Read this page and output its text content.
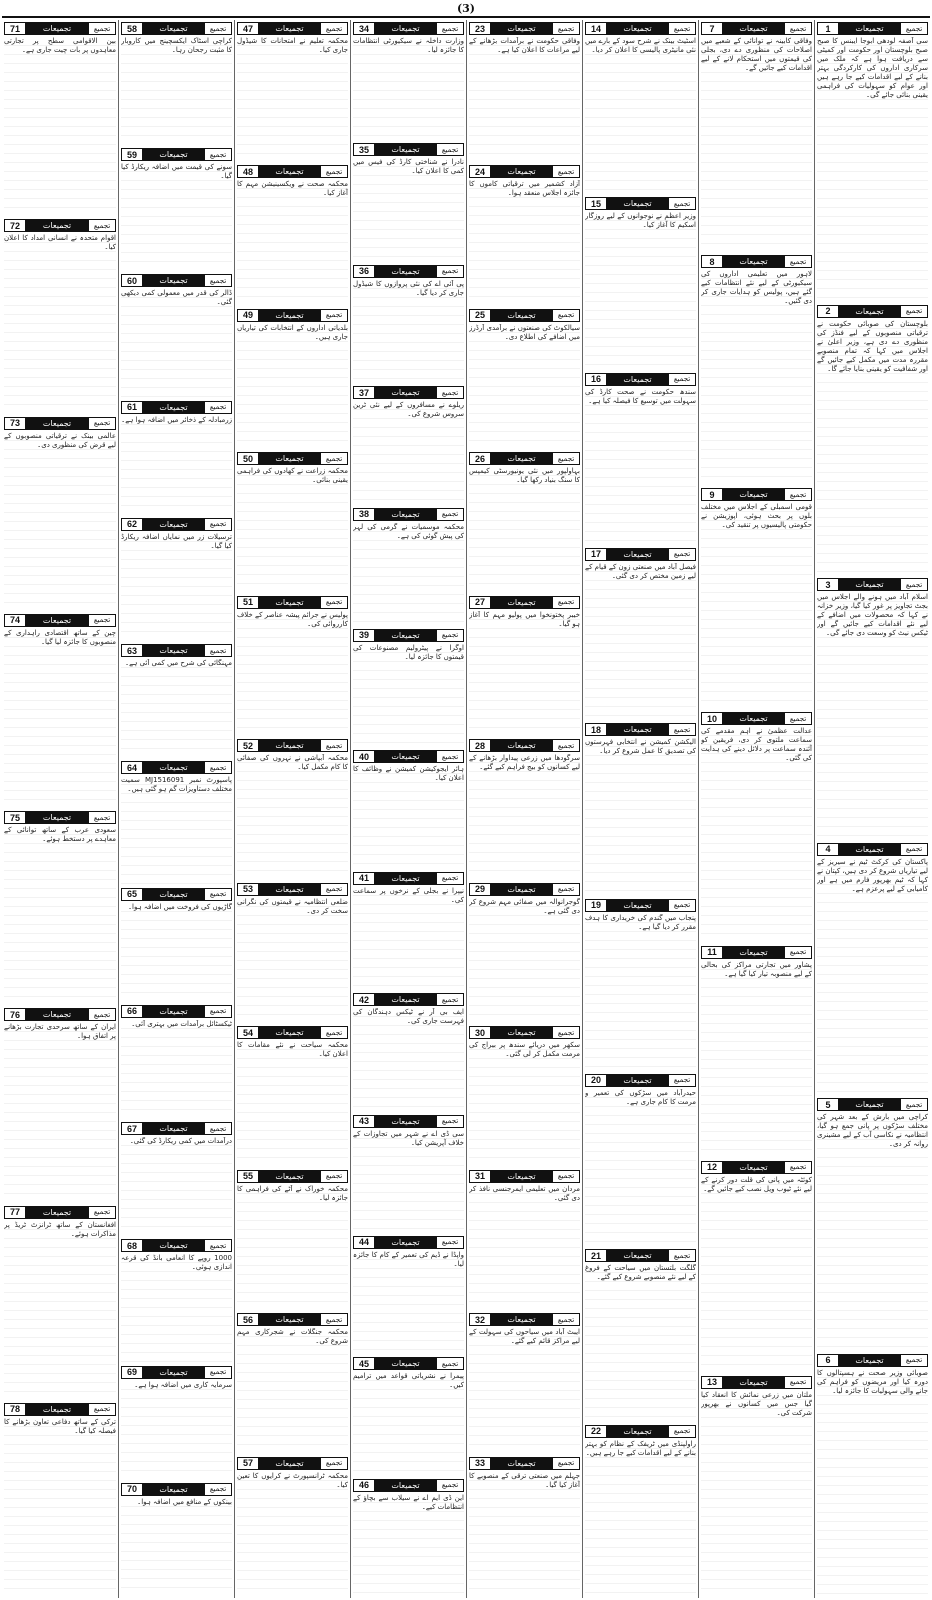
(3)
تجمیع
تجمیعات
1
سی آصفہ لودھی ابوجا ایبنس کا صبح صبح بلوچستان اور حکومت اور کمیٹی سے دریافت ہوا ہے کہ ملک میں سرکاری اداروں کی کارکردگی بہتر بنانے کے لیے اقدامات کیے جا رہے ہیں اور عوام کو سہولیات کی فراہمی یقینی بنائی جائے گی۔
تجمیع
تجمیعات
2
بلوچستان کی صوبائی حکومت نے ترقیاتی منصوبوں کے لیے فنڈز کی منظوری دے دی ہے، وزیر اعلیٰ نے اجلاس میں کہا کہ تمام منصوبے مقررہ مدت میں مکمل کیے جائیں گے اور شفافیت کو یقینی بنایا جائے گا۔
تجمیع
تجمیعات
3
اسلام آباد میں ہونے والے اجلاس میں بجٹ تجاویز پر غور کیا گیا، وزیر خزانہ نے کہا کہ محصولات میں اضافے کے لیے نئے اقدامات کیے جائیں گے اور ٹیکس نیٹ کو وسعت دی جائے گی۔
تجمیع
تجمیعات
4
پاکستان کی کرکٹ ٹیم نے سیریز کے لیے تیاریاں شروع کر دی ہیں، کپتان نے کہا کہ ٹیم بھرپور فارم میں ہے اور کامیابی کے لیے پرعزم ہے۔
تجمیع
تجمیعات
5
کراچی میں بارش کے بعد شہر کی مختلف سڑکوں پر پانی جمع ہو گیا، انتظامیہ نے نکاسی آب کے لیے مشینری روانہ کر دی۔
تجمیع
تجمیعات
6
صوبائی وزیر صحت نے ہسپتالوں کا دورہ کیا اور مریضوں کو فراہم کی جانے والی سہولیات کا جائزہ لیا۔
تجمیع
تجمیعات
7
وفاقی کابینہ نے توانائی کے شعبے میں اصلاحات کی منظوری دے دی، بجلی کی قیمتوں میں استحکام لانے کے لیے اقدامات کیے جائیں گے۔
تجمیع
تجمیعات
8
لاہور میں تعلیمی اداروں کی سیکیورٹی کے لیے نئے انتظامات کیے گئے ہیں، پولیس کو ہدایات جاری کر دی گئیں۔
تجمیع
تجمیعات
9
قومی اسمبلی کے اجلاس میں مختلف بلوں پر بحث ہوئی، اپوزیشن نے حکومتی پالیسیوں پر تنقید کی۔
تجمیع
تجمیعات
10
عدالت عظمیٰ نے اہم مقدمے کی سماعت ملتوی کر دی، فریقین کو آئندہ سماعت پر دلائل دینے کی ہدایت کی گئی۔
تجمیع
تجمیعات
11
پشاور میں تجارتی مراکز کی بحالی کے لیے منصوبہ تیار کیا گیا ہے۔
تجمیع
تجمیعات
12
کوئٹہ میں پانی کی قلت دور کرنے کے لیے نئے ٹیوب ویل نصب کیے جائیں گے۔
تجمیع
تجمیعات
13
ملتان میں زرعی نمائش کا انعقاد کیا گیا جس میں کسانوں نے بھرپور شرکت کی۔
تجمیع
تجمیعات
14
اسٹیٹ بینک نے شرح سود کے بارے میں نئی مانیٹری پالیسی کا اعلان کر دیا۔
تجمیع
تجمیعات
15
وزیر اعظم نے نوجوانوں کے لیے روزگار اسکیم کا آغاز کیا۔
تجمیع
تجمیعات
16
سندھ حکومت نے صحت کارڈ کی سہولت میں توسیع کا فیصلہ کیا ہے۔
تجمیع
تجمیعات
17
فیصل آباد میں صنعتی زون کے قیام کے لیے زمین مختص کر دی گئی۔
تجمیع
تجمیعات
18
الیکشن کمیشن نے انتخابی فہرستوں کی تصدیق کا عمل شروع کر دیا۔
تجمیع
تجمیعات
19
پنجاب میں گندم کی خریداری کا ہدف مقرر کر دیا گیا ہے۔
تجمیع
تجمیعات
20
حیدرآباد میں سڑکوں کی تعمیر و مرمت کا کام جاری ہے۔
تجمیع
تجمیعات
21
گلگت بلتستان میں سیاحت کے فروغ کے لیے نئے منصوبے شروع کیے گئے۔
تجمیع
تجمیعات
22
راولپنڈی میں ٹریفک کے نظام کو بہتر بنانے کے لیے اقدامات کیے جا رہے ہیں۔
تجمیع
تجمیعات
23
وفاقی حکومت نے برآمدات بڑھانے کے لیے مراعات کا اعلان کیا ہے۔
تجمیع
تجمیعات
24
آزاد کشمیر میں ترقیاتی کاموں کا جائزہ اجلاس منعقد ہوا۔
تجمیع
تجمیعات
25
سیالکوٹ کی صنعتوں نے برآمدی آرڈرز میں اضافے کی اطلاع دی۔
تجمیع
تجمیعات
26
بہاولپور میں نئی یونیورسٹی کیمپس کا سنگ بنیاد رکھا گیا۔
تجمیع
تجمیعات
27
خیبر پختونخوا میں پولیو مہم کا آغاز ہو گیا۔
تجمیع
تجمیعات
28
سرگودھا میں زرعی پیداوار بڑھانے کے لیے کسانوں کو بیج فراہم کیے گئے۔
تجمیع
تجمیعات
29
گوجرانوالہ میں صفائی مہم شروع کر دی گئی ہے۔
تجمیع
تجمیعات
30
سکھر میں دریائے سندھ پر بیراج کی مرمت مکمل کر لی گئی۔
تجمیع
تجمیعات
31
مردان میں تعلیمی ایمرجنسی نافذ کر دی گئی۔
تجمیع
تجمیعات
32
ایبٹ آباد میں سیاحوں کی سہولت کے لیے مراکز قائم کیے گئے۔
تجمیع
تجمیعات
33
جہلم میں صنعتی ترقی کے منصوبے کا آغاز کیا گیا۔
تجمیع
تجمیعات
34
وزارت داخلہ نے سیکیورٹی انتظامات کا جائزہ لیا۔
تجمیع
تجمیعات
35
نادرا نے شناختی کارڈ کی فیس میں کمی کا اعلان کیا۔
تجمیع
تجمیعات
36
پی آئی اے کی نئی پروازوں کا شیڈول جاری کر دیا گیا۔
تجمیع
تجمیعات
37
ریلوے نے مسافروں کے لیے نئی ٹرین سروس شروع کی۔
تجمیع
تجمیعات
38
محکمہ موسمیات نے گرمی کی لہر کی پیش گوئی کی ہے۔
تجمیع
تجمیعات
39
اوگرا نے پیٹرولیم مصنوعات کی قیمتوں کا جائزہ لیا۔
تجمیع
تجمیعات
40
ہائر ایجوکیشن کمیشن نے وظائف کا اعلان کیا۔
تجمیع
تجمیعات
41
نیپرا نے بجلی کے نرخوں پر سماعت کی۔
تجمیع
تجمیعات
42
ایف بی آر نے ٹیکس دہندگان کی فہرست جاری کی۔
تجمیع
تجمیعات
43
سی ڈی اے نے شہر میں تجاوزات کے خلاف آپریشن کیا۔
تجمیع
تجمیعات
44
واپڈا نے ڈیم کی تعمیر کے کام کا جائزہ لیا۔
تجمیع
تجمیعات
45
پیمرا نے نشریاتی قواعد میں ترامیم کیں۔
تجمیع
تجمیعات
46
این ڈی ایم اے نے سیلاب سے بچاؤ کے انتظامات کیے۔
تجمیع
تجمیعات
47
محکمہ تعلیم نے امتحانات کا شیڈول جاری کیا۔
تجمیع
تجمیعات
48
محکمہ صحت نے ویکسینیشن مہم کا آغاز کیا۔
تجمیع
تجمیعات
49
بلدیاتی اداروں کے انتخابات کی تیاریاں جاری ہیں۔
تجمیع
تجمیعات
50
محکمہ زراعت نے کھادوں کی فراہمی یقینی بنائی۔
تجمیع
تجمیعات
51
پولیس نے جرائم پیشہ عناصر کے خلاف کارروائی کی۔
تجمیع
تجمیعات
52
محکمہ آبپاشی نے نہروں کی صفائی کا کام مکمل کیا۔
تجمیع
تجمیعات
53
ضلعی انتظامیہ نے قیمتوں کی نگرانی سخت کر دی۔
تجمیع
تجمیعات
54
محکمہ سیاحت نے نئے مقامات کا اعلان کیا۔
تجمیع
تجمیعات
55
محکمہ خوراک نے آٹے کی فراہمی کا جائزہ لیا۔
تجمیع
تجمیعات
56
محکمہ جنگلات نے شجرکاری مہم شروع کی۔
تجمیع
تجمیعات
57
محکمہ ٹرانسپورٹ نے کرایوں کا تعین کیا۔
تجمیع
تجمیعات
58
کراچی اسٹاک ایکسچینج میں کاروبار کا مثبت رجحان رہا۔
تجمیع
تجمیعات
59
سونے کی قیمت میں اضافہ ریکارڈ کیا گیا۔
تجمیع
تجمیعات
60
ڈالر کی قدر میں معمولی کمی دیکھی گئی۔
تجمیع
تجمیعات
61
زرمبادلہ کے ذخائر میں اضافہ ہوا ہے۔
تجمیع
تجمیعات
62
ترسیلات زر میں نمایاں اضافہ ریکارڈ کیا گیا۔
تجمیع
تجمیعات
63
مہنگائی کی شرح میں کمی آئی ہے۔
تجمیع
تجمیعات
64
پاسپورٹ نمبر MJ1516091 سمیت مختلف دستاویزات گم ہو گئی ہیں۔
تجمیع
تجمیعات
65
گاڑیوں کی فروخت میں اضافہ ہوا۔
تجمیع
تجمیعات
66
ٹیکسٹائل برآمدات میں بہتری آئی۔
تجمیع
تجمیعات
67
درآمدات میں کمی ریکارڈ کی گئی۔
تجمیع
تجمیعات
68
1000 روپے کا انعامی بانڈ کی قرعہ اندازی ہوئی۔
تجمیع
تجمیعات
69
سرمایہ کاری میں اضافہ ہوا ہے۔
تجمیع
تجمیعات
70
بینکوں کے منافع میں اضافہ ہوا۔
تجمیع
تجمیعات
71
بین الاقوامی سطح پر تجارتی معاہدوں پر بات چیت جاری ہے۔
تجمیع
تجمیعات
72
اقوام متحدہ نے انسانی امداد کا اعلان کیا۔
تجمیع
تجمیعات
73
عالمی بینک نے ترقیاتی منصوبوں کے لیے قرض کی منظوری دی۔
تجمیع
تجمیعات
74
چین کے ساتھ اقتصادی راہداری کے منصوبوں کا جائزہ لیا گیا۔
تجمیع
تجمیعات
75
سعودی عرب کے ساتھ توانائی کے معاہدے پر دستخط ہوئے۔
تجمیع
تجمیعات
76
ایران کے ساتھ سرحدی تجارت بڑھانے پر اتفاق ہوا۔
تجمیع
تجمیعات
77
افغانستان کے ساتھ ٹرانزٹ ٹریڈ پر مذاکرات ہوئے۔
تجمیع
تجمیعات
78
ترکی کے ساتھ دفاعی تعاون بڑھانے کا فیصلہ کیا گیا۔
